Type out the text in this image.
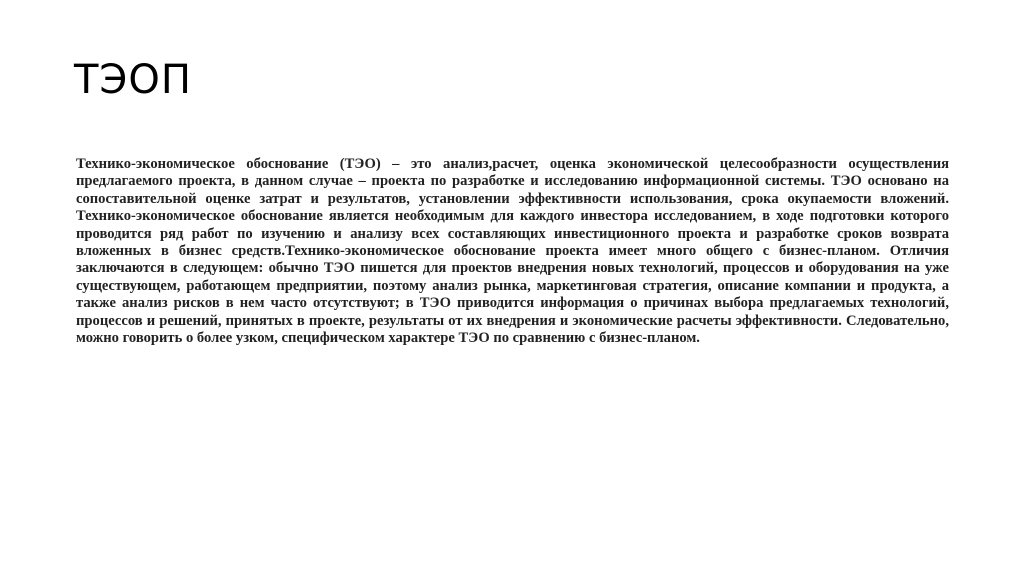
ТЭОП

Технико-экономическое обоснование (ТЭО) – это анализ,расчет, оценка экономической целесообразности осуществления предлагаемого проекта, в данном случае – проекта по разработке и исследованию информационной системы. ТЭО основано на сопоставительной оценке затрат и результатов, установлении эффективности использования, срока окупаемости вложений. Технико-экономическое обоснование является необходимым для каждого инвестора исследованием, в ходе подготовки которого проводится ряд работ по изучению и анализу всех составляющих инвестиционного проекта и разработке сроков возврата вложенных в бизнес средств.Технико-экономическое обоснование проекта имеет много общего с бизнес-планом. Отличия заключаются в следующем: обычно ТЭО пишется для проектов внедрения новых технологий, процессов и оборудования на уже существующем, работающем предприятии, поэтому анализ рынка, маркетинговая стратегия, описание компании и продукта, а также анализ рисков в нем часто отсутствуют; в ТЭО приводится информация о причинах выбора предлагаемых технологий, процессов и решений, принятых в проекте, результаты от их внедрения и экономические расчеты эффективности. Следовательно, можно говорить о более узком, специфическом характере ТЭО по сравнению с бизнес-планом.
